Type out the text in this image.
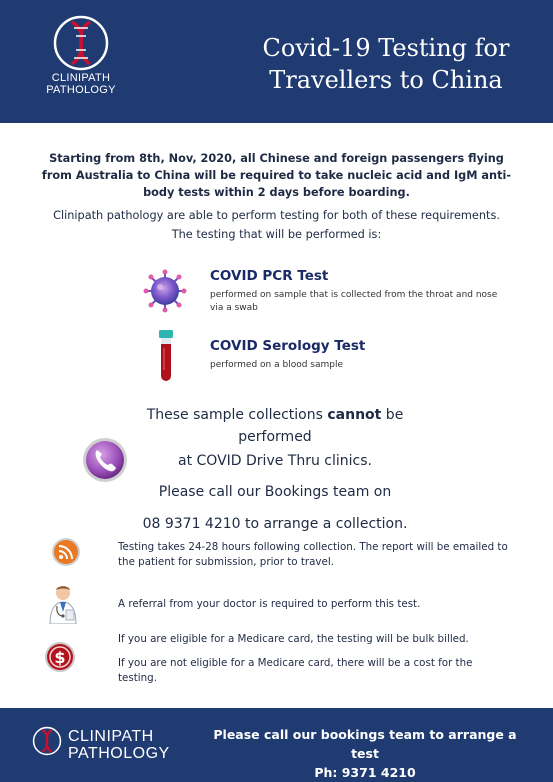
CLINIPATH
PATHOLOGY
Covid-19 Testing for
Travellers to China
Starting from 8th, Nov, 2020, all Chinese and foreign passengers flying from Australia to China will be required to take nucleic acid and IgM anti-body tests within 2 days before boarding.
Clinipath pathology are able to perform testing for both of these requirements.
The testing that will be performed is:
COVID PCR Test
performed on sample that is collected from the throat and nose via a swab
COVID Serology Test
performed on a blood sample
These sample collections cannot be performed
at COVID Drive Thru clinics.
Please call our Bookings team on
08 9371 4210 to arrange a collection.
Testing takes 24-28 hours following collection. The report will be emailed to the patient for submission, prior to travel.
A referral from your doctor is required to perform this test.
$
If you are eligible for a Medicare card, the testing will be bulk billed.
If you are not eligible for a Medicare card, there will be a cost for the testing.
CLINIPATH
PATHOLOGY
Please call our bookings team to arrange a test
Ph: 9371 4210
